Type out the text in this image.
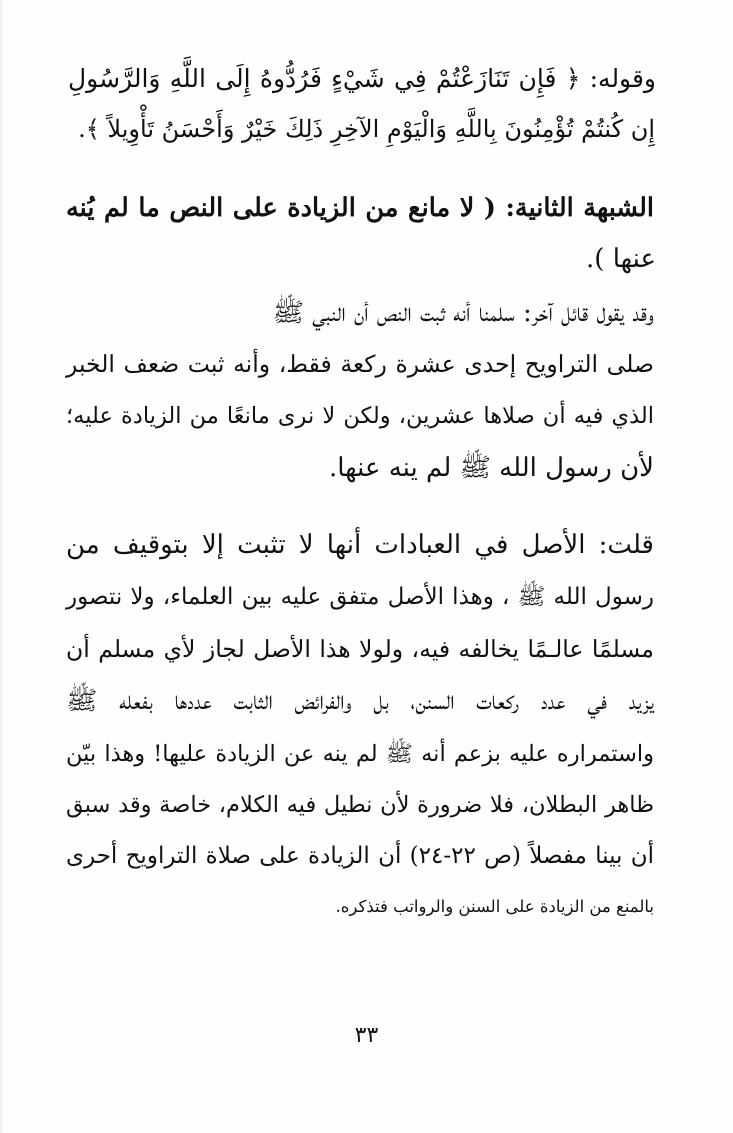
وقوله: ﴿ فَإِن تَنَازَعْتُمْ فِي شَيْءٍ فَرُدُّوهُ إِلَى اللَّهِ وَالرَّسُولِ
إِن كُنتُمْ تُؤْمِنُونَ بِاللَّهِ وَالْيَوْمِ الآخِرِ ذَلِكَ خَيْرٌ وَأَحْسَنُ تَأْوِيلاً ﴾.
الشبهة الثانية: ( لا مانع من الزيادة على النص ما لم يُنه
عنها ).
وقد يقول قائل آخر: سلمنا أنه ثبت النص أن النبي ﷺ
صلى التراويح إحدى عشرة ركعة فقط، وأنه ثبت ضعف الخبر
الذي فيه أن صلاها عشرين، ولكن لا نرى مانعًا من الزيادة عليه؛
لأن رسول الله ﷺ لم ينه عنها.
قلت: الأصل في العبادات أنها لا تثبت إلا بتوقيف من
رسول الله ﷺ ، وهذا الأصل متفق عليه بين العلماء، ولا نتصور
مسلمًا عالـمًا يخالفه فيه، ولولا هذا الأصل لجاز لأي مسلم أن
يزيد في عدد ركعات السنن، بل والفرائض الثابت عددها بفعله ﷺ
واستمراره عليه بزعم أنه ﷺ لم ينه عن الزيادة عليها! وهذا بيّن
ظاهر البطلان، فلا ضرورة لأن نطيل فيه الكلام، خاصة وقد سبق
أن بينا مفصلاً (ص ٢٢-٢٤) أن الزيادة على صلاة التراويح أحرى
بالمنع من الزيادة على السنن والرواتب فتذكره.
٣٣
